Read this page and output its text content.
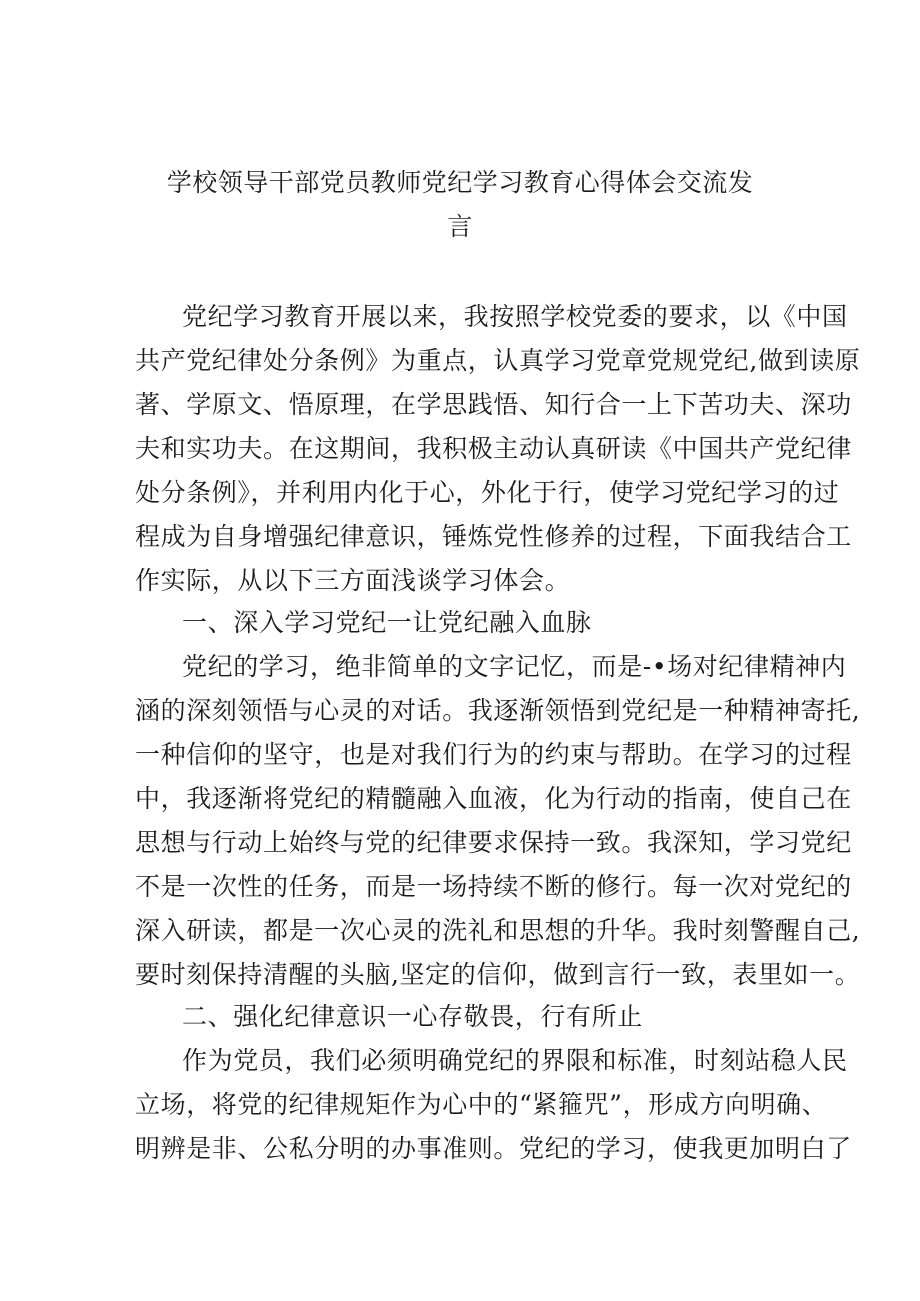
学校领导干部党员教师党纪学习教育心得体会交流发
言
党纪学习教育开展以来，我按照学校党委的要求，以《中国
共产党纪律处分条例》为重点，认真学习党章党规党纪,做到读原
著、学原文、悟原理，在学思践悟、知行合一上下苦功夫、深功
夫和实功夫。在这期间，我积极主动认真研读《中国共产党纪律
处分条例》，并利用内化于心，外化于行，使学习党纪学习的过
程成为自身增强纪律意识，锤炼党性修养的过程，下面我结合工
作实际，从以下三方面浅谈学习体会。
一、深入学习党纪一让党纪融入血脉
党纪的学习，绝非简单的文字记忆，而是-•场对纪律精神内
涵的深刻领悟与心灵的对话。我逐渐领悟到党纪是一种精神寄托,
一种信仰的坚守，也是对我们行为的约束与帮助。在学习的过程
中，我逐渐将党纪的精髓融入血液，化为行动的指南，使自己在
思想与行动上始终与党的纪律要求保持一致。我深知，学习党纪
不是一次性的任务，而是一场持续不断的修行。每一次对党纪的
深入研读，都是一次心灵的洗礼和思想的升华。我时刻警醒自己,
要时刻保持清醒的头脑,坚定的信仰，做到言行一致，表里如一。
二、强化纪律意识一心存敬畏，行有所止
作为党员，我们必须明确党纪的界限和标准，时刻站稳人民
立场，将党的纪律规矩作为心中的“紧箍咒”，形成方向明确、
明辨是非、公私分明的办事准则。党纪的学习，使我更加明白了
